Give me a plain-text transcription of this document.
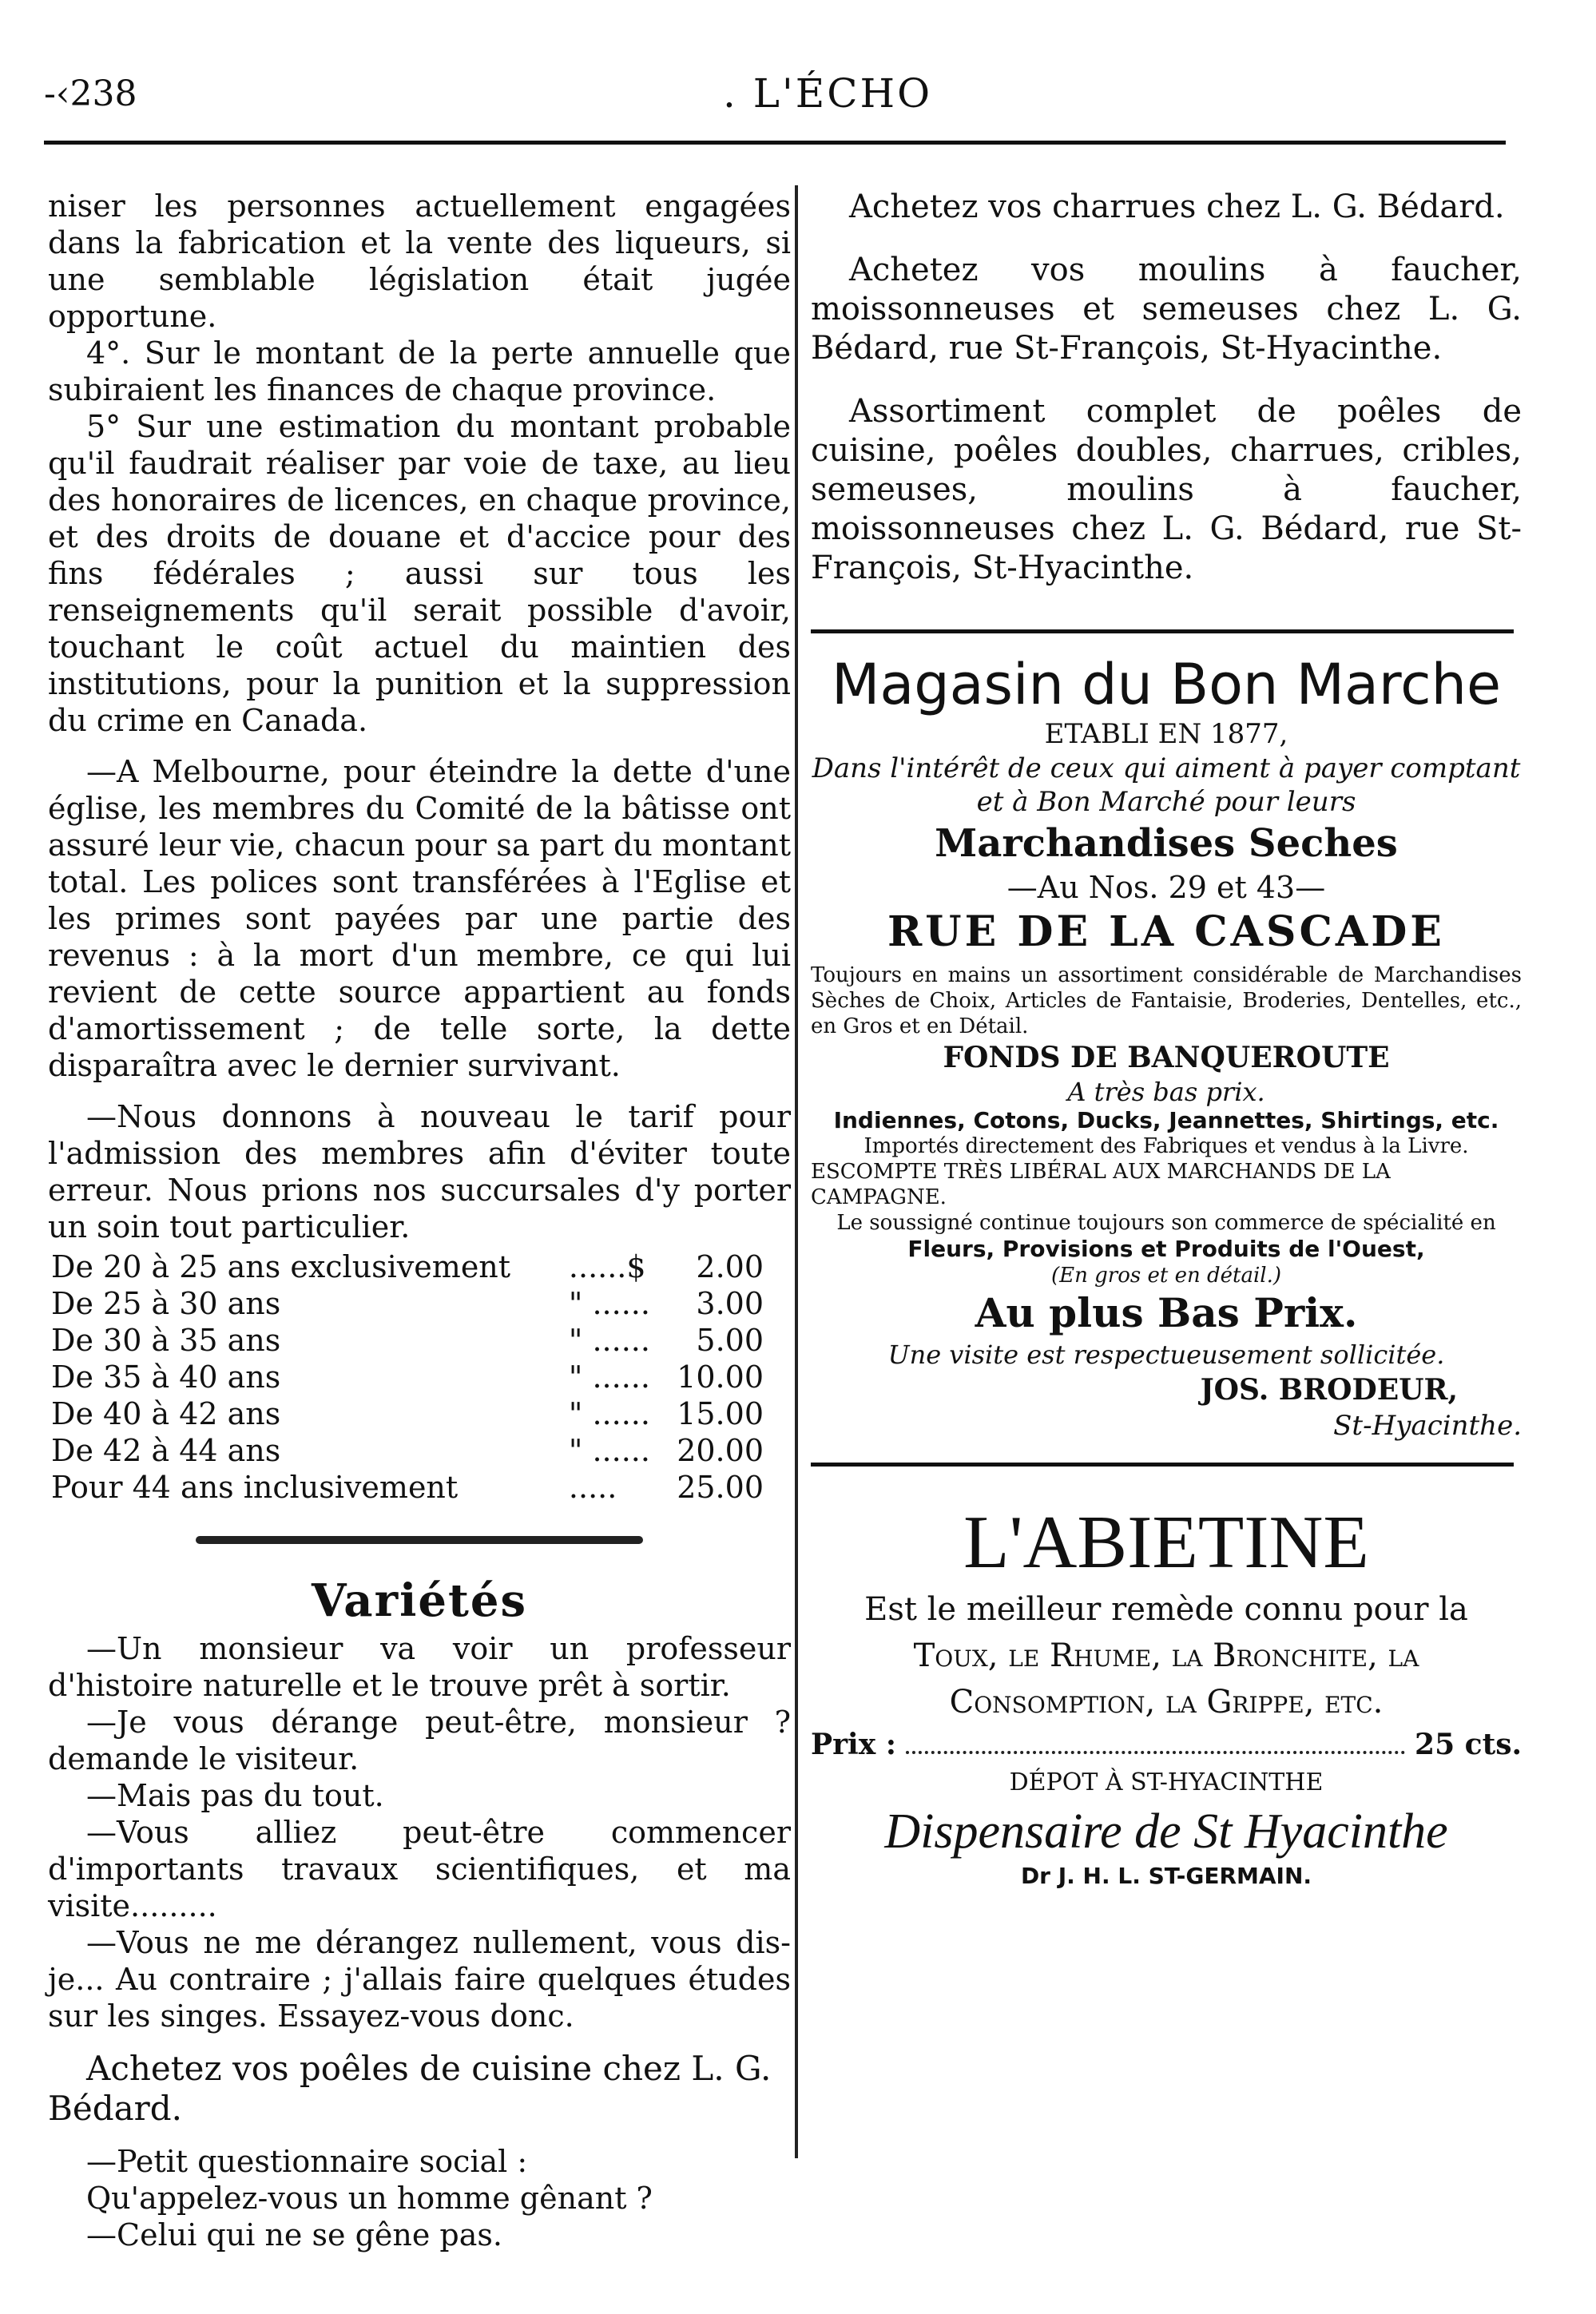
-‹238	. L'ÉCHO

niser les personnes actuellement engagées dans la fabrication et la vente des liqueurs, si une semblable législation était jugée opportune.

4°. Sur le montant de la perte annuelle que subiraient les finances de chaque province.

5° Sur une estimation du montant probable qu'il faudrait réaliser par voie de taxe, au lieu des honoraires de licences, en chaque province, et des droits de douane et d'accice pour des fins fédérales ; aussi sur tous les renseignements qu'il serait possible d'avoir, touchant le coût actuel du maintien des institutions, pour la punition et la suppression du crime en Canada.

—A Melbourne, pour éteindre la dette d'une église, les membres du Comité de la bâtisse ont assuré leur vie, chacun pour sa part du montant total. Les polices sont transférées à l'Eglise et les primes sont payées par une partie des revenus : à la mort d'un membre, ce qui lui revient de cette source appartient au fonds d'amortissement ; de telle sorte, la dette disparaîtra avec le dernier survivant.

—Nous donnons à nouveau le tarif pour l'admission des membres afin d'éviter toute erreur. Nous prions nos succursales d'y porter un soin tout particulier.

De 20 à 25 ans exclusivement	......$	2.00
De 25 à 30 ans	" ......	3.00
De 30 à 35 ans	" ......	5.00
De 35 à 40 ans	" ......	10.00
De 40 à 42 ans	" ......	15.00
De 42 à 44 ans	" ......	20.00
Pour 44 ans inclusivement	.....	25.00

Variétés

—Un monsieur va voir un professeur d'histoire naturelle et le trouve prêt à sortir.

—Je vous dérange peut-être, monsieur ? demande le visiteur.

—Mais pas du tout.

—Vous alliez peut-être commencer d'importants travaux scientifiques, et ma visite.........

—Vous ne me dérangez nullement, vous dis-je... Au contraire ; j'allais faire quelques études sur les singes. Essayez-vous donc.

Achetez vos poêles de cuisine chez L. G. Bédard.

—Petit questionnaire social :

Qu'appelez-vous un homme gênant ?

—Celui qui ne se gêne pas.

Achetez vos charrues chez L. G. Bédard.

Achetez vos moulins à faucher, moissonneuses et semeuses chez L. G. Bédard, rue St-François, St-Hyacinthe.

Assortiment complet de poêles de cuisine, poêles doubles, charrues, cribles, semeuses, moulins à faucher, moissonneuses chez L. G. Bédard, rue St-François, St-Hyacinthe.

Magasin du Bon Marche

ETABLI EN 1877,

Dans l'intérêt de ceux qui aiment à payer comptant et à Bon Marché pour leurs

Marchandises Seches

—Au Nos. 29 et 43—

RUE DE LA CASCADE

Toujours en mains un assortiment considérable de Marchandises Sèches de Choix, Articles de Fantaisie, Broderies, Dentelles, etc., en Gros et en Détail.

FONDS DE BANQUEROUTE

A très bas prix.

Indiennes, Cotons, Ducks, Jeannettes, Shirtings, etc.

Importés directement des Fabriques et vendus à la Livre.

ESCOMPTE TRÈS LIBÉRAL AUX MARCHANDS DE LA CAMPAGNE.

Le soussigné continue toujours son commerce de spécialité en

Fleurs, Provisions et Produits de l'Ouest,

(En gros et en détail.)

Au plus Bas Prix.

Une visite est respectueusement sollicitée.

JOS. BRODEUR,

St-Hyacinthe.

L'ABIETINE

Est le meilleur remède connu pour la

Toux, le Rhume, la Bronchite, la

Consomption, la Grippe, etc.

Prix :	25 cts.

DÉPOT À ST-HYACINTHE

Dispensaire de St Hyacinthe

Dr J. H. L. ST-GERMAIN.
